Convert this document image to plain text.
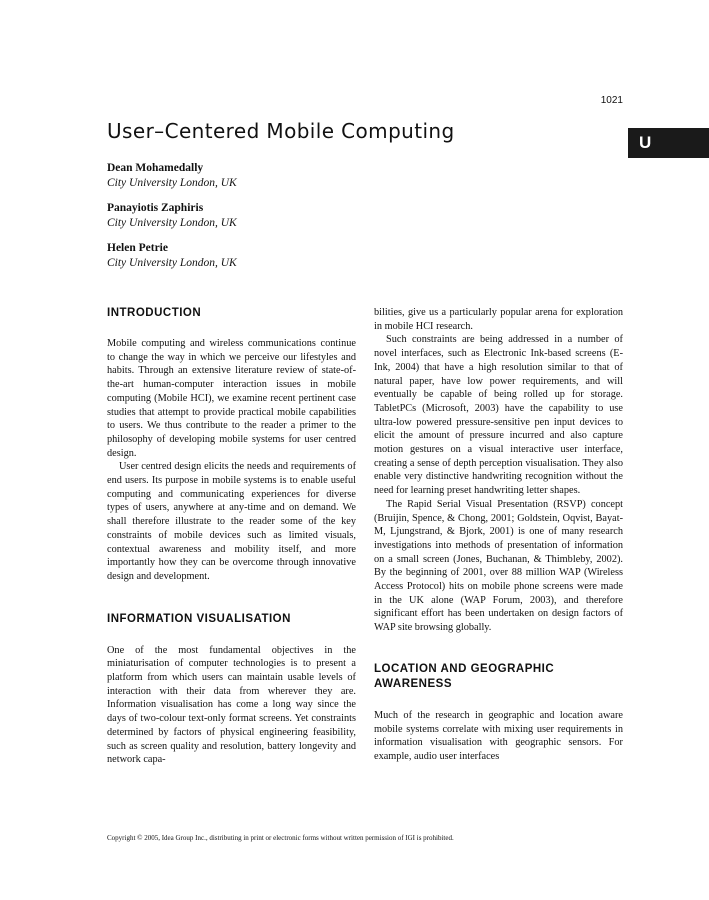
1021
U
User–Centered Mobile Computing
Dean Mohamedally
City University London, UK
Panayiotis Zaphiris
City University London, UK
Helen Petrie
City University London, UK
INTRODUCTION

Mobile computing and wireless communications continue to change the way in which we perceive our lifestyles and habits. Through an extensive literature review of state-of-the-art human-computer interaction issues in mobile computing (Mobile HCI), we examine recent pertinent case studies that attempt to provide practical mobile capabilities to users. We thus contribute to the reader a primer to the philosophy of developing mobile systems for user centred design.

User centred design elicits the needs and requirements of end users. Its purpose in mobile systems is to enable useful computing and communicating experiences for diverse types of users, anywhere at any-time and on demand. We shall therefore illustrate to the reader some of the key constraints of mobile devices such as limited visuals, contextual awareness and mobility itself, and more importantly how they can be overcome through innovative design and development.

INFORMATION VISUALISATION

One of the most fundamental objectives in the miniaturisation of computer technologies is to present a platform from which users can maintain usable levels of interaction with their data from wherever they are. Information visualisation has come a long way since the days of two-colour text-only format screens. Yet constraints determined by factors of physical engineering feasibility, such as screen quality and resolution, battery longevity and network capa-

bilities, give us a particularly popular arena for exploration in mobile HCI research.

Such constraints are being addressed in a number of novel interfaces, such as Electronic Ink-based screens (E-Ink, 2004) that have a high resolution similar to that of natural paper, have low power requirements, and will eventually be capable of being rolled up for storage. TabletPCs (Microsoft, 2003) have the capability to use ultra-low powered pressure-sensitive pen input devices to elicit the amount of pressure incurred and also capture motion gestures on a visual interactive user interface, creating a sense of depth perception visualisation. They also enable very distinctive handwriting recognition without the need for learning preset handwriting letter shapes.

The Rapid Serial Visual Presentation (RSVP) concept (Bruijin, Spence, & Chong, 2001; Goldstein, Oqvist, Bayat-M, Ljungstrand, & Bjork, 2001) is one of many research investigations into methods of presentation of information on a small screen (Jones, Buchanan, & Thimbleby, 2002). By the beginning of 2001, over 88 million WAP (Wireless Access Protocol) hits on mobile phone screens were made in the UK alone (WAP Forum, 2003), and therefore significant effort has been undertaken on design factors of WAP site browsing globally.

LOCATION AND GEOGRAPHIC AWARENESS

Much of the research in geographic and location aware mobile systems correlate with mixing user requirements in information visualisation with geographic sensors. For example, audio user interfaces

Copyright © 2005, Idea Group Inc., distributing in print or electronic forms without written permission of IGI is prohibited.
